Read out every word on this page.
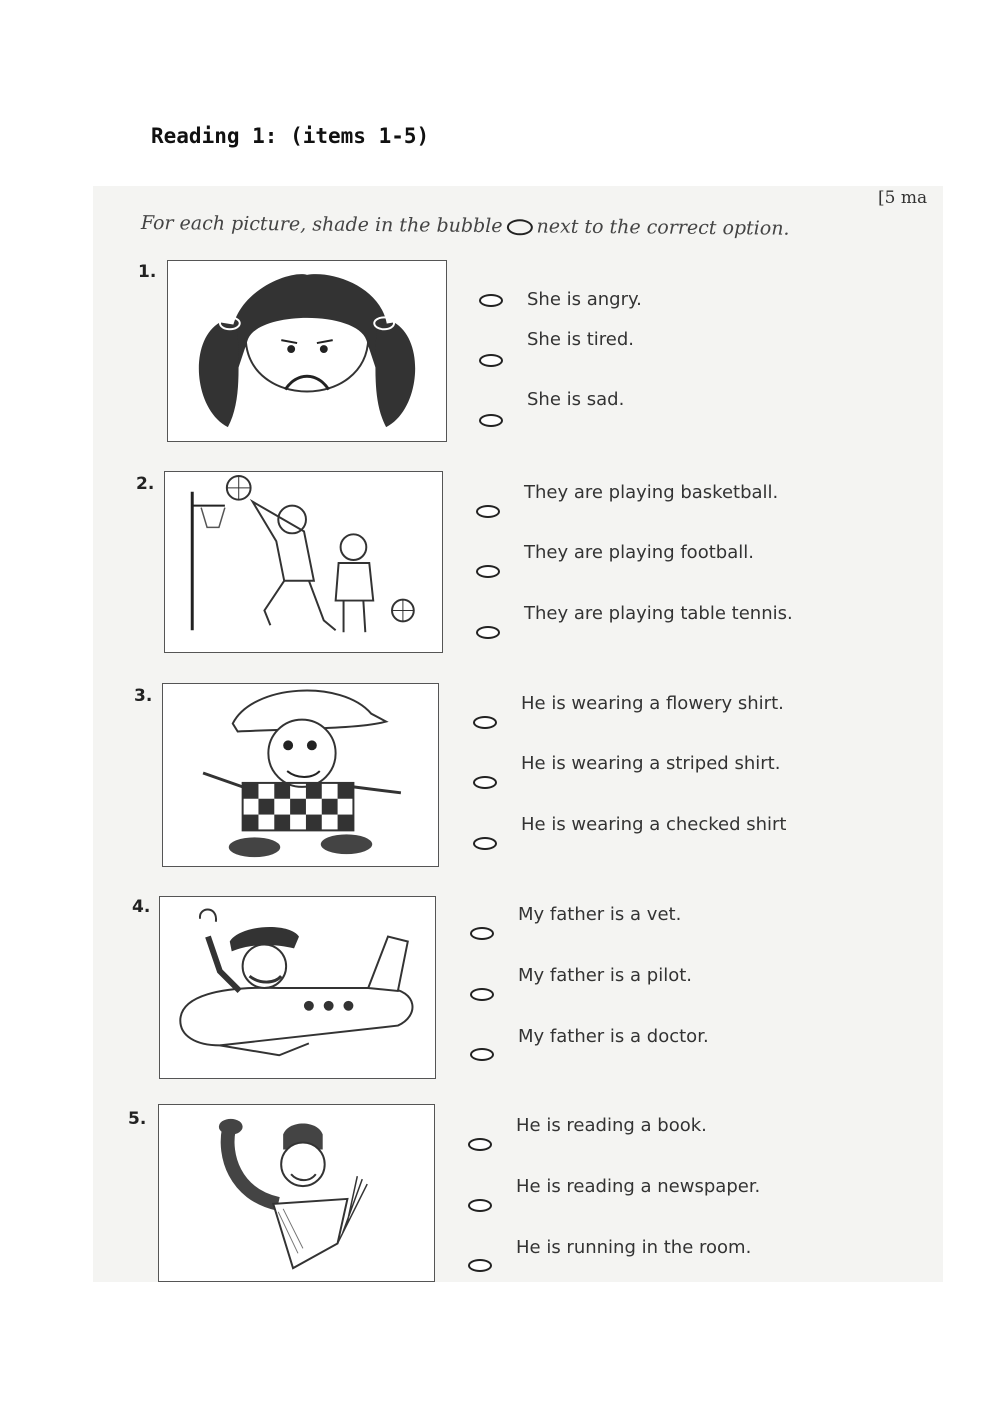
Reading 1: (items 1-5)
[5 ma
For each picture, shade in the bubble next to the correct option.
1.
She is angry.
She is tired.
She is sad.
2.	They are playing basketball.
They are playing football.
They are playing table tennis.
3.	He is wearing a flowery shirt.
He is wearing a striped shirt.
He is wearing a checked shirt
4.	My father is a vet.
My father is a pilot.
My father is a doctor.
5.	He is reading a book.
He is reading a newspaper.
He is running in the room.
